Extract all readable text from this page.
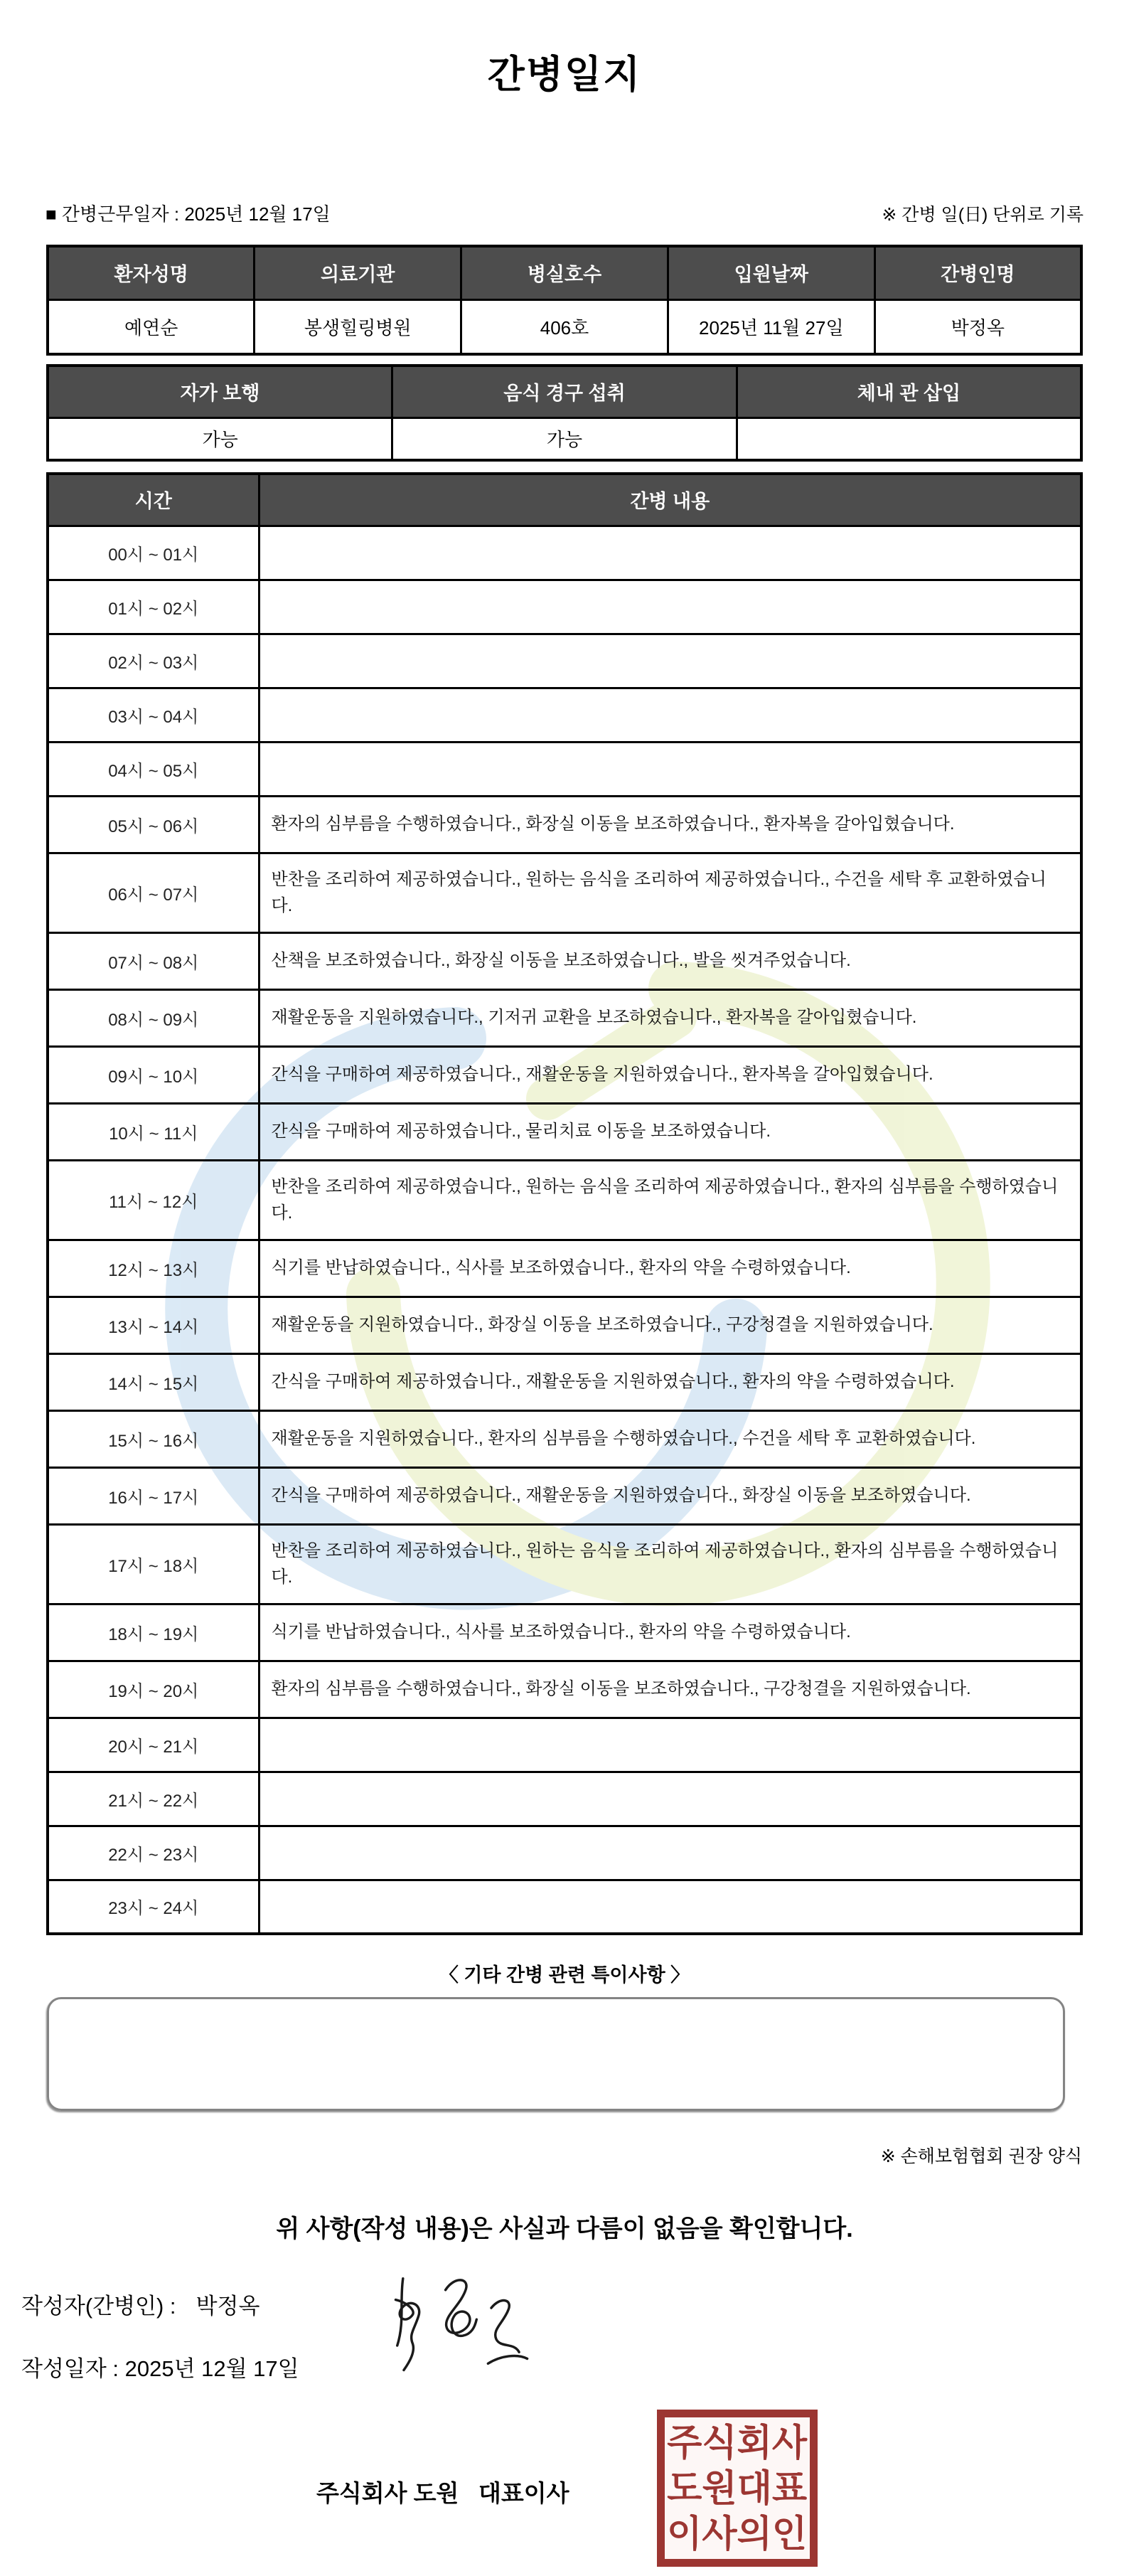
간병일지
■ 간병근무일자 : 2025년 12월 17일	※ 간병 일(日) 단위로 기록
환자성명	의료기관	병실호수	입원날짜	간병인명
예연순	봉생힐링병원	406호	2025년 11월 27일	박정옥
자가 보행	음식 경구 섭취	체내 관 삽입
가능	가능	
시간	간병 내용
00시 ~ 01시	
01시 ~ 02시	
02시 ~ 03시	
03시 ~ 04시	
04시 ~ 05시	
05시 ~ 06시	환자의 심부름을 수행하였습니다., 화장실 이동을 보조하였습니다., 환자복을 갈아입혔습니다.
06시 ~ 07시	반찬을 조리하여 제공하였습니다., 원하는 음식을 조리하여 제공하였습니다., 수건을 세탁 후 교환하였습니다.
07시 ~ 08시	산책을 보조하였습니다., 화장실 이동을 보조하였습니다., 발을 씻겨주었습니다.
08시 ~ 09시	재활운동을 지원하였습니다., 기저귀 교환을 보조하였습니다., 환자복을 갈아입혔습니다.
09시 ~ 10시	간식을 구매하여 제공하였습니다., 재활운동을 지원하였습니다., 환자복을 갈아입혔습니다.
10시 ~ 11시	간식을 구매하여 제공하였습니다., 물리치료 이동을 보조하였습니다.
11시 ~ 12시	반찬을 조리하여 제공하였습니다., 원하는 음식을 조리하여 제공하였습니다., 환자의 심부름을 수행하였습니다.
12시 ~ 13시	식기를 반납하였습니다., 식사를 보조하였습니다., 환자의 약을 수령하였습니다.
13시 ~ 14시	재활운동을 지원하였습니다., 화장실 이동을 보조하였습니다., 구강청결을 지원하였습니다.
14시 ~ 15시	간식을 구매하여 제공하였습니다., 재활운동을 지원하였습니다., 환자의 약을 수령하였습니다.
15시 ~ 16시	재활운동을 지원하였습니다., 환자의 심부름을 수행하였습니다., 수건을 세탁 후 교환하였습니다.
16시 ~ 17시	간식을 구매하여 제공하였습니다., 재활운동을 지원하였습니다., 화장실 이동을 보조하였습니다.
17시 ~ 18시	반찬을 조리하여 제공하였습니다., 원하는 음식을 조리하여 제공하였습니다., 환자의 심부름을 수행하였습니다.
18시 ~ 19시	식기를 반납하였습니다., 식사를 보조하였습니다., 환자의 약을 수령하였습니다.
19시 ~ 20시	환자의 심부름을 수행하였습니다., 화장실 이동을 보조하였습니다., 구강청결을 지원하였습니다.
20시 ~ 21시	
21시 ~ 22시	
22시 ~ 23시	
23시 ~ 24시	
〈 기타 간병 관련 특이사항 〉
※ 손해보험협회 권장 양식
위 사항(작성 내용)은 사실과 다름이 없음을 확인합니다.
작성자(간병인) : 박정옥
작성일자 : 2025년 12월 17일
주식회사 도원   대표이사
주식회사
도원대표
이사의인
